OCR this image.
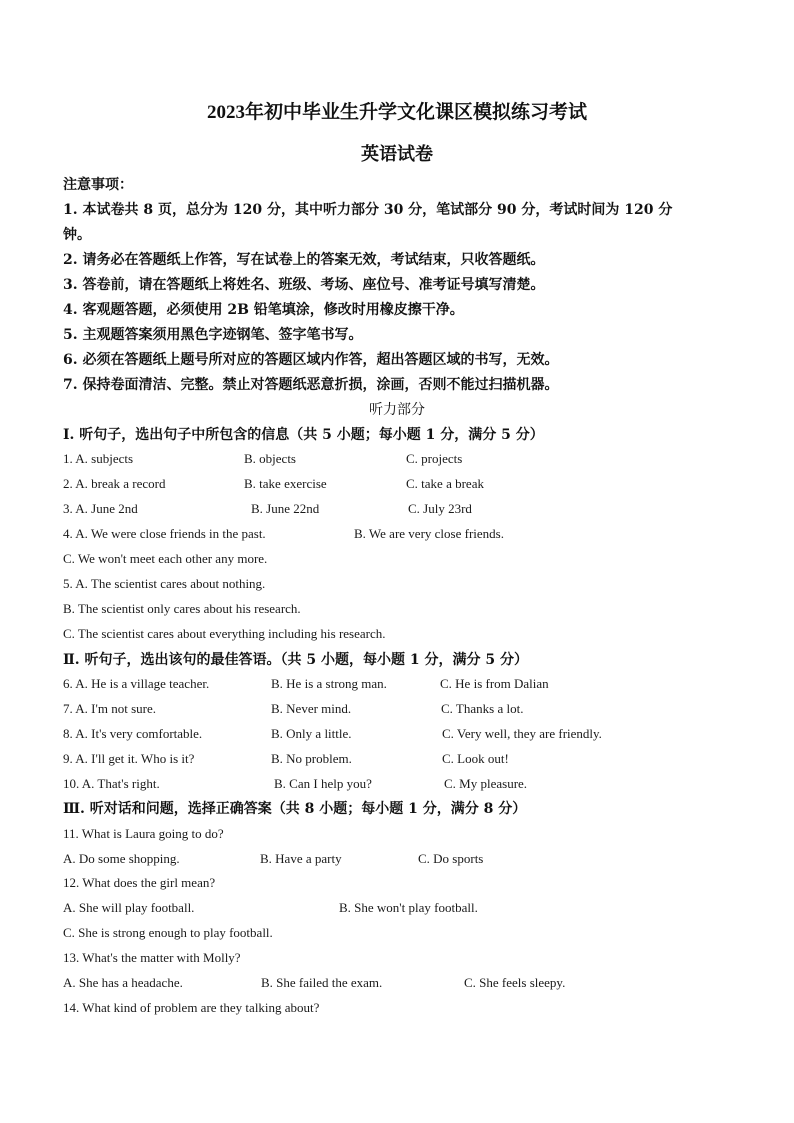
2023年初中毕业生升学文化课区模拟练习考试
英语试卷
注意事项：
1. 本试卷共 8 页，总分为 120 分，其中听力部分 30 分，笔试部分 90 分，考试时间为 120 分
钟。
2. 请务必在答题纸上作答，写在试卷上的答案无效，考试结束，只收答题纸。
3. 答卷前，请在答题纸上将姓名、班级、考场、座位号、准考证号填写清楚。
4. 客观题答题，必须使用 2B 铅笔填涂，修改时用橡皮擦干净。
5. 主观题答案须用黑色字迹钢笔、签字笔书写。
6. 必须在答题纸上题号所对应的答题区域内作答，超出答题区域的书写，无效。
7. 保持卷面清洁、完整。禁止对答题纸恶意折损，涂画，否则不能过扫描机器。
听力部分
Ⅰ. 听句子，选出句子中所包含的信息（共 5 小题；每小题 1 分，满分 5 分）
1. A. subjects	B. objects	C. projects
2. A. break a record	B. take exercise	C. take a break
3. A. June 2nd	B. June 22nd	C. July 23rd
4. A. We were close friends in the past.	B. We are very close friends.
C. We won't meet each other any more.
5. A. The scientist cares about nothing.
B. The scientist only cares about his research.
C. The scientist cares about everything including his research.
Ⅱ. 听句子，选出该句的最佳答语。（共 5 小题，每小题 1 分，满分 5 分）
6. A. He is a village teacher.	B. He is a strong man.	C. He is from Dalian
7. A. I'm not sure.	B. Never mind.	C. Thanks a lot.
8. A. It's very comfortable.	B. Only a little.	C. Very well, they are friendly.
9. A. I'll get it. Who is it?	B. No problem.	C. Look out!
10. A. That's right.	B. Can I help you?	C. My pleasure.
Ⅲ. 听对话和问题，选择正确答案（共 8 小题；每小题 1 分，满分 8 分）
11. What is Laura going to do?
A. Do some shopping.	B. Have a party	C. Do sports
12. What does the girl mean?
A. She will play football.	B. She won't play football.
C. She is strong enough to play football.
13. What's the matter with Molly?
A. She has a headache.	B. She failed the exam.	C. She feels sleepy.
14. What kind of problem are they talking about?
